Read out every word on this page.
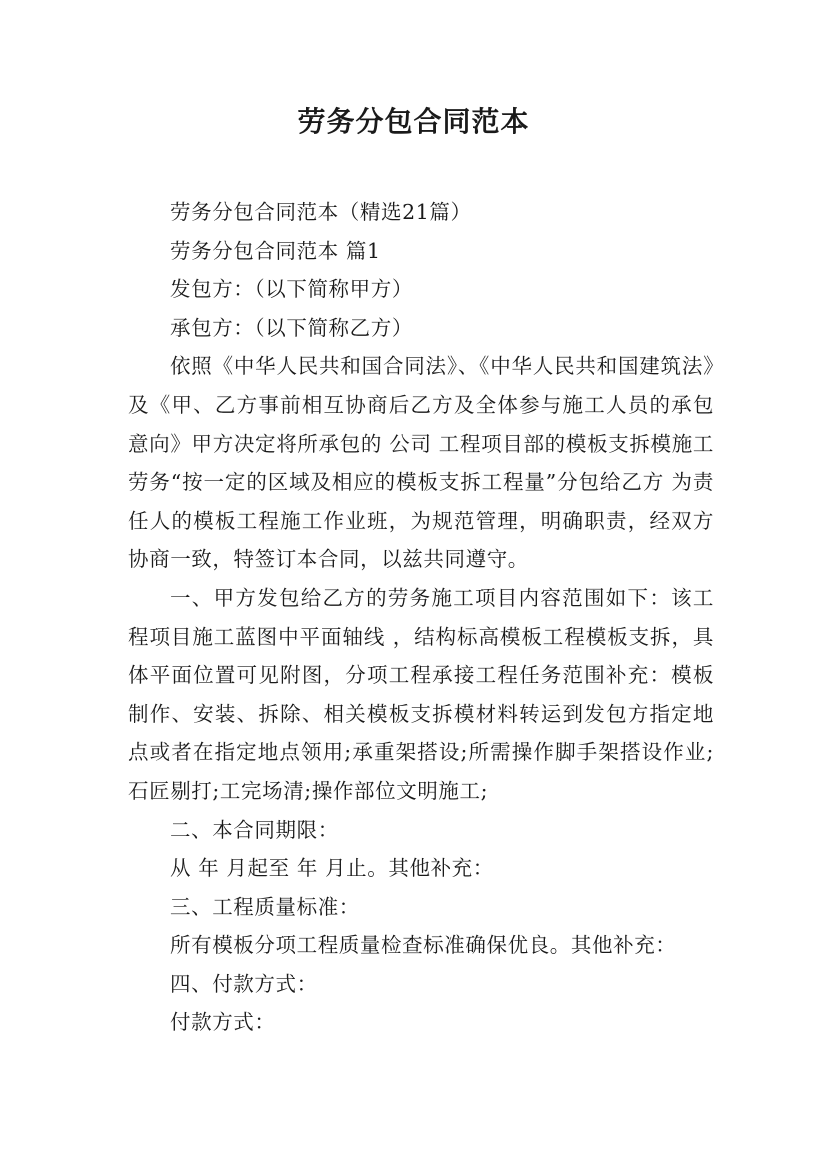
劳务分包合同范本

劳务分包合同范本（精选21篇）

劳务分包合同范本 篇1

发包方：（以下简称甲方）

承包方：（以下简称乙方）

依照《中华人民共和国合同法》、《中华人民共和国建筑法》及《甲、乙方事前相互协商后乙方及全体参与施工人员的承包意向》甲方决定将所承包的 公司 工程项目部的模板支拆模施工劳务“按一定的区域及相应的模板支拆工程量”分包给乙方 为责任人的模板工程施工作业班，为规范管理，明确职责，经双方协商一致，特签订本合同，以兹共同遵守。

一、甲方发包给乙方的劳务施工项目内容范围如下：该工程项目施工蓝图中平面轴线 ，结构标高模板工程模板支拆，具体平面位置可见附图，分项工程承接工程任务范围补充：模板制作、安装、拆除、相关模板支拆模材料转运到发包方指定地点或者在指定地点领用;承重架搭设;所需操作脚手架搭设作业;石匠剔打;工完场清;操作部位文明施工;

二、本合同期限：

从 年 月起至 年 月止。其他补充：

三、工程质量标准：

所有模板分项工程质量检查标准确保优良。其他补充：

四、付款方式：

付款方式：
